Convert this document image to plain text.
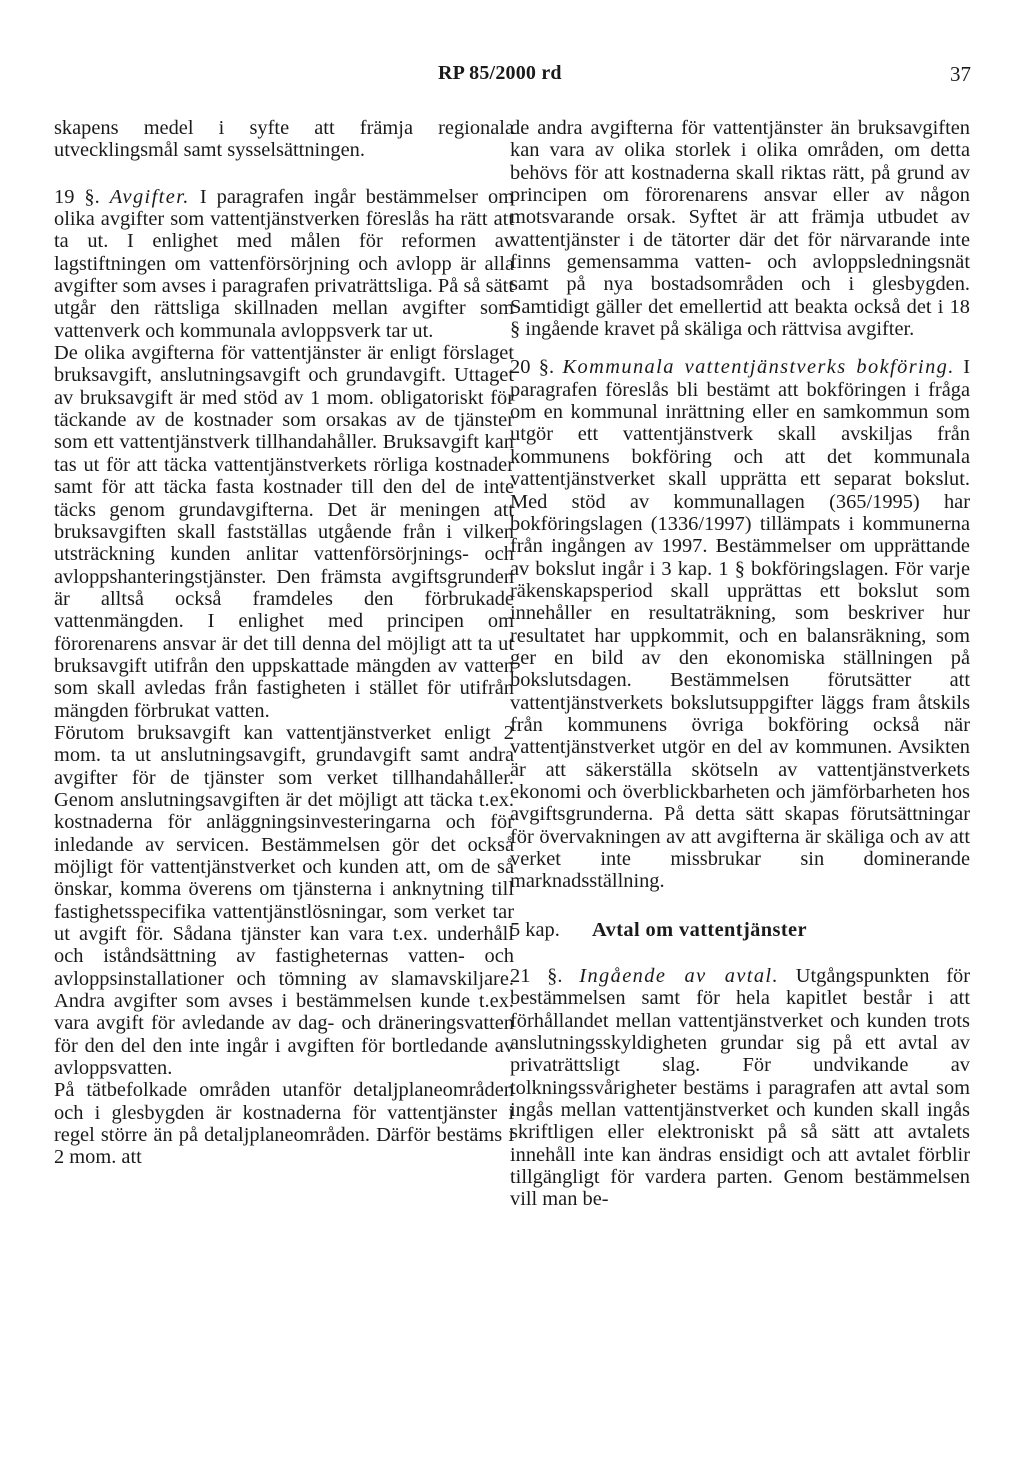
RP 85/2000 rd	37

skapens medel i syfte att främja regionala utvecklingsmål samt sysselsättningen.

19 §. Avgifter. I paragrafen ingår bestämmelser om olika avgifter som vattentjänstverken föreslås ha rätt att ta ut. I enlighet med målen för reformen av lagstiftningen om vattenförsörjning och avlopp är alla avgifter som avses i paragrafen privaträttsliga. På så sätt utgår den rättsliga skillnaden mellan avgifter som vattenverk och kommunala avloppsverk tar ut.

De olika avgifterna för vattentjänster är enligt förslaget bruksavgift, anslutningsavgift och grundavgift. Uttaget av bruksavgift är med stöd av 1 mom. obligatoriskt för täckande av de kostnader som orsakas av de tjänster som ett vattentjänstverk tillhandahåller. Bruksavgift kan tas ut för att täcka vattentjänstverkets rörliga kostnader samt för att täcka fasta kostnader till den del de inte täcks genom grundavgifterna. Det är meningen att bruksavgiften skall fastställas utgående från i vilken utsträckning kunden anlitar vattenförsörjnings- och avloppshanteringstjänster. Den främsta avgiftsgrunden är alltså också framdeles den förbrukade vattenmängden. I enlighet med principen om förorenarens ansvar är det till denna del möjligt att ta ut bruksavgift utifrån den uppskattade mängden av vatten som skall avledas från fastigheten i stället för utifrån mängden förbrukat vatten.

Förutom bruksavgift kan vattentjänstverket enligt 2 mom. ta ut anslutningsavgift, grundavgift samt andra avgifter för de tjänster som verket tillhandahåller. Genom anslutningsavgiften är det möjligt att täcka t.ex. kostnaderna för anläggningsinvesteringarna och för inledande av servicen. Bestämmelsen gör det också möjligt för vattentjänstverket och kunden att, om de så önskar, komma överens om tjänsterna i anknytning till fastighetsspecifika vattentjänstlösningar, som verket tar ut avgift för. Sådana tjänster kan vara t.ex. underhåll och iståndsättning av fastigheternas vatten- och avloppsinstallationer och tömning av slamavskiljare. Andra avgifter som avses i bestämmelsen kunde t.ex. vara avgift för avledande av dag- och dräneringsvatten för den del den inte ingår i avgiften för bortledande av avloppsvatten.

På tätbefolkade områden utanför detaljplaneområden och i glesbygden är kostnaderna för vattentjänster i regel större än på detaljplaneområden. Därför bestäms i 2 mom. att

de andra avgifterna för vattentjänster än bruksavgiften kan vara av olika storlek i olika områden, om detta behövs för att kostnaderna skall riktas rätt, på grund av principen om förorenarens ansvar eller av någon motsvarande orsak. Syftet är att främja utbudet av vattentjänster i de tätorter där det för närvarande inte finns gemensamma vatten- och avloppsledningsnät samt på nya bostadsområden och i glesbygden. Samtidigt gäller det emellertid att beakta också det i 18 § ingående kravet på skäliga och rättvisa avgifter.

20 §. Kommunala vattentjänstverks bokföring. I paragrafen föreslås bli bestämt att bokföringen i fråga om en kommunal inrättning eller en samkommun som utgör ett vattentjänstverk skall avskiljas från kommunens bokföring och att det kommunala vattentjänstverket skall upprätta ett separat bokslut. Med stöd av kommunallagen (365/1995) har bokföringslagen (1336/1997) tillämpats i kommunerna från ingången av 1997. Bestämmelser om upprättande av bokslut ingår i 3 kap. 1 § bokföringslagen. För varje räkenskapsperiod skall upprättas ett bokslut som innehåller en resultaträkning, som beskriver hur resultatet har uppkommit, och en balansräkning, som ger en bild av den ekonomiska ställningen på bokslutsdagen. Bestämmelsen förutsätter att vattentjänstverkets bokslutsuppgifter läggs fram åtskils från kommunens övriga bokföring också när vattentjänstverket utgör en del av kommunen. Avsikten är att säkerställa skötseln av vattentjänstverkets ekonomi och överblickbarheten och jämförbarheten hos avgiftsgrunderna. På detta sätt skapas förutsättningar för övervakningen av att avgifterna är skäliga och av att verket inte missbrukar sin dominerande marknadsställning.

5 kap. Avtal om vattentjänster

21 §. Ingående av avtal. Utgångspunkten för bestämmelsen samt för hela kapitlet består i att förhållandet mellan vattentjänstverket och kunden trots anslutningsskyldigheten grundar sig på ett avtal av privaträttsligt slag. För undvikande av tolkningssvårigheter bestäms i paragrafen att avtal som ingås mellan vattentjänstverket och kunden skall ingås skriftligen eller elektroniskt på så sätt att avtalets innehåll inte kan ändras ensidigt och att avtalet förblir tillgängligt för vardera parten. Genom bestämmelsen vill man be-
